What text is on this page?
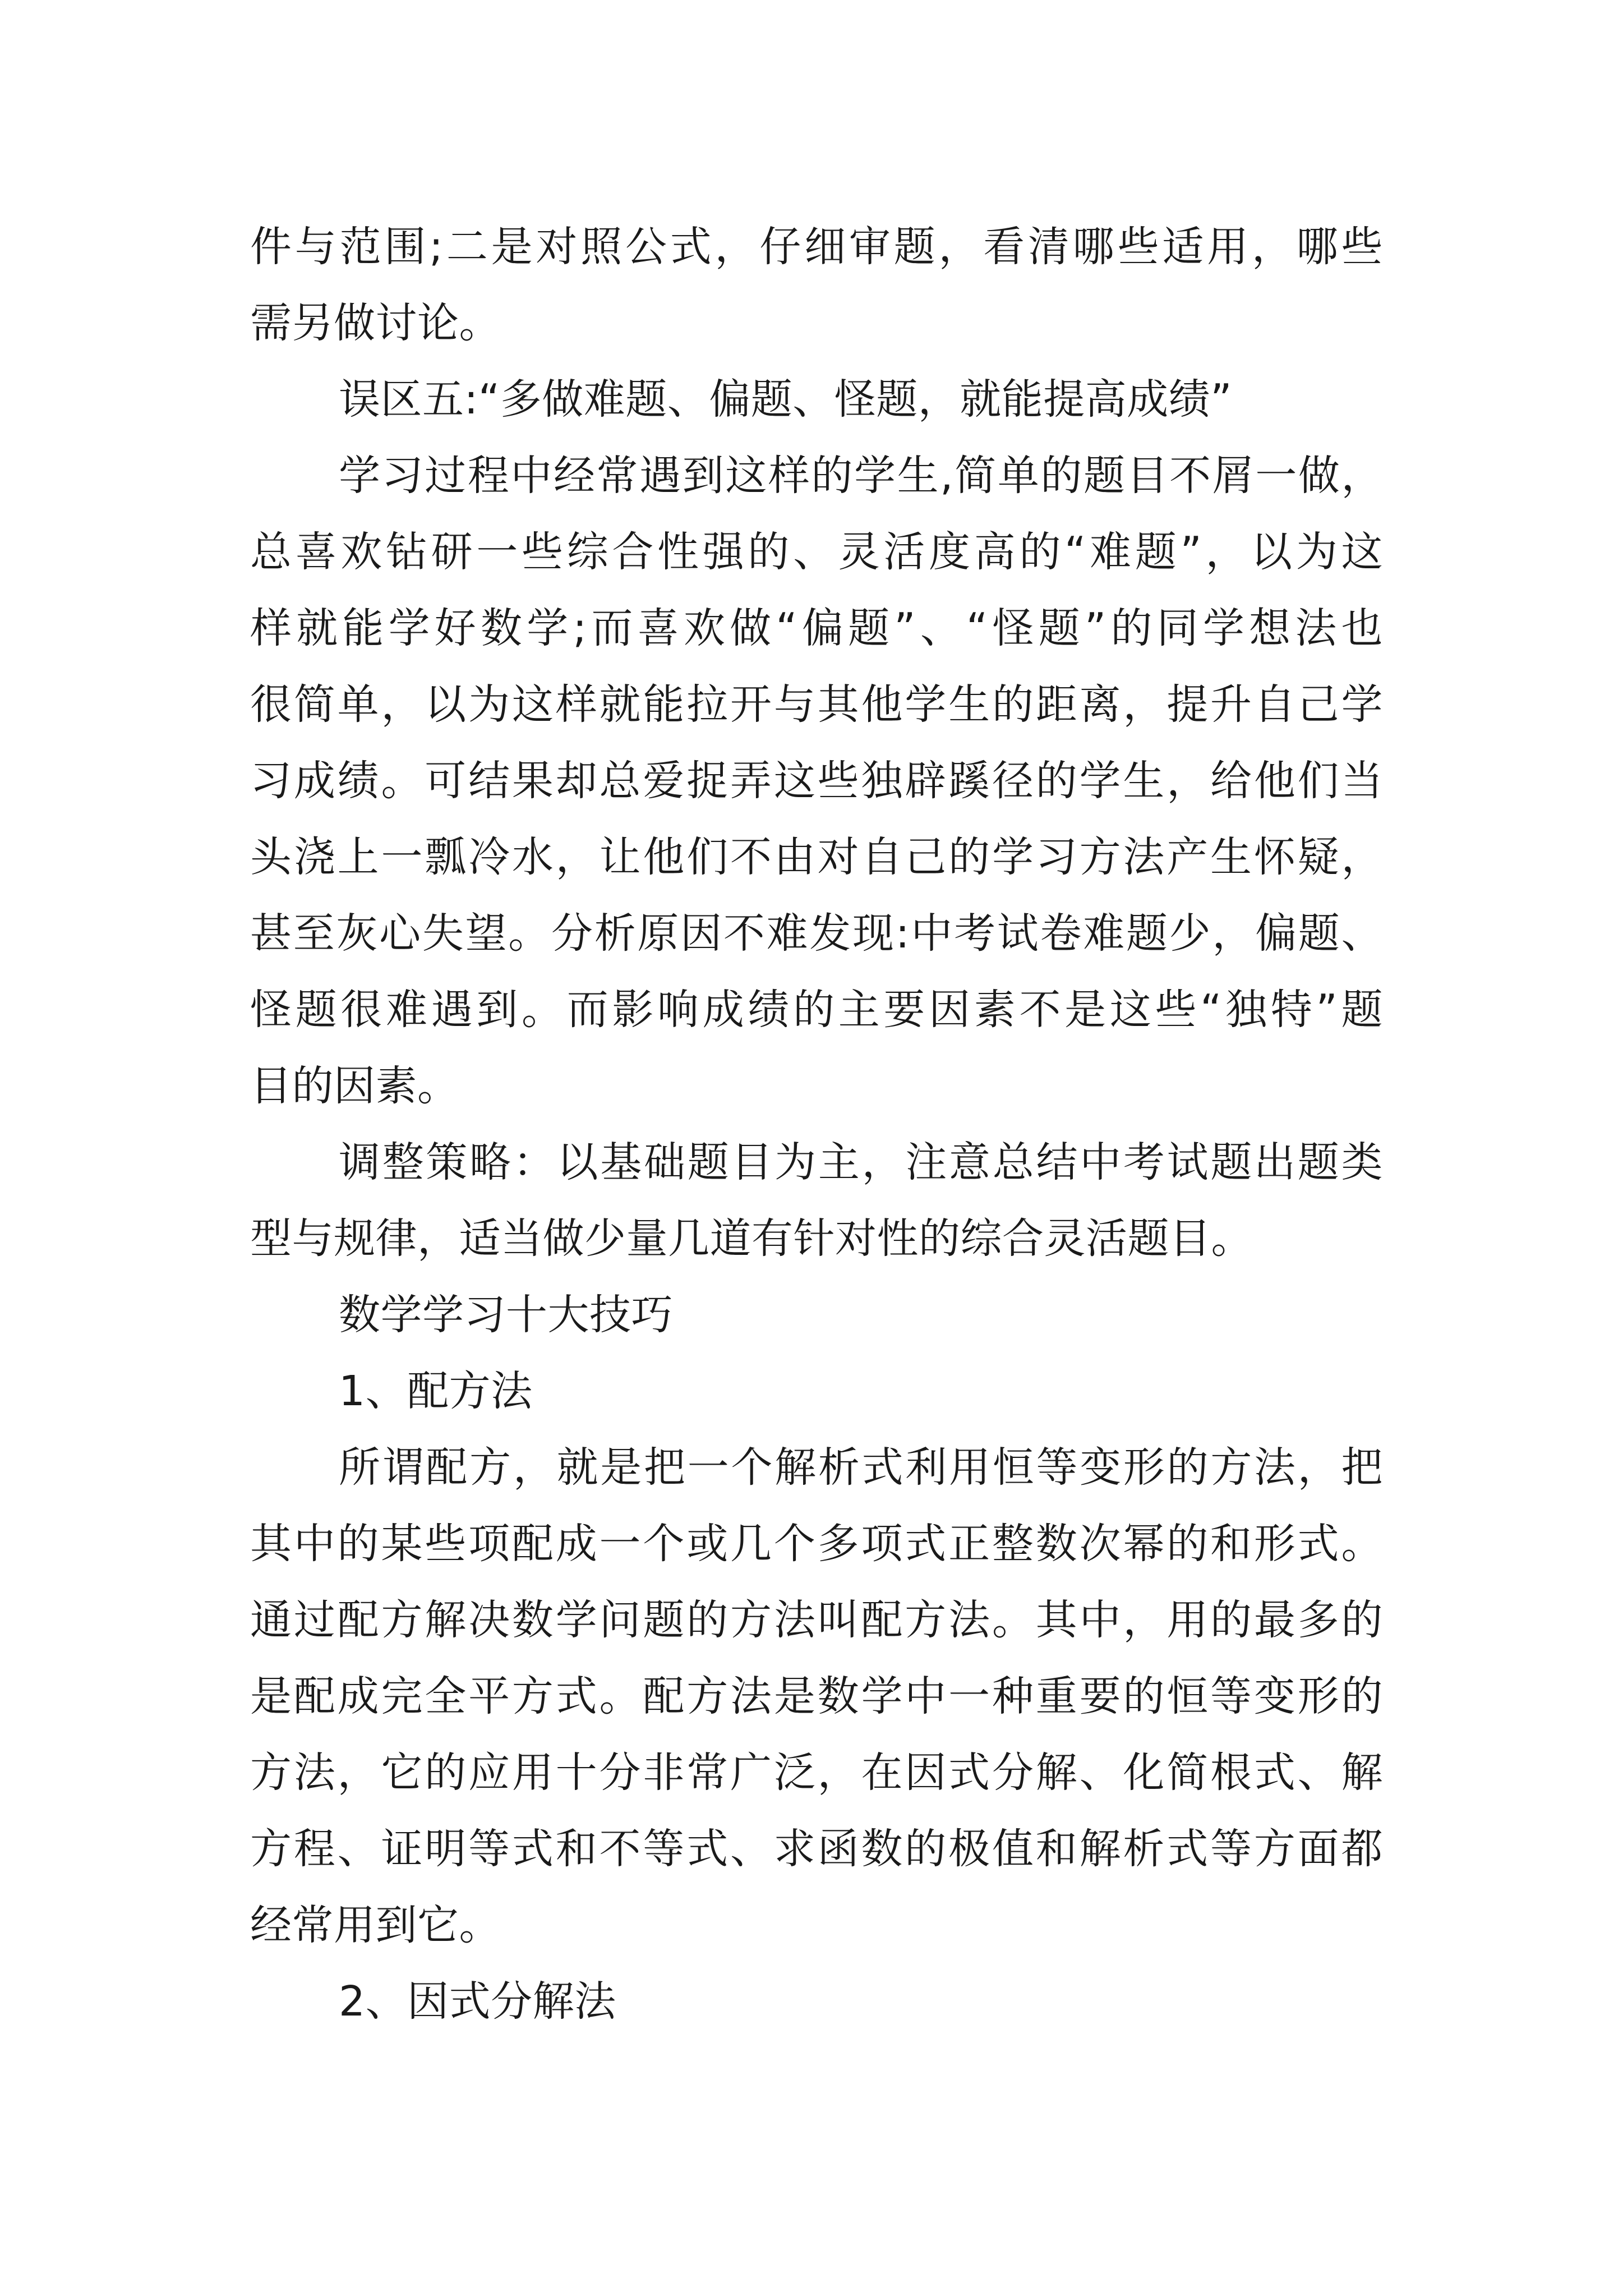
件与范围;二是对照公式，仔细审题，看清哪些适用，哪些
需另做讨论。
误区五:“多做难题、偏题、怪题，就能提高成绩”
学习过程中经常遇到这样的学生,简单的题目不屑一做，
总喜欢钻研一些综合性强的、灵活度高的“难题”，以为这
样就能学好数学;而喜欢做“偏题”、“怪题”的同学想法也
很简单，以为这样就能拉开与其他学生的距离，提升自己学
习成绩。可结果却总爱捉弄这些独辟蹊径的学生，给他们当
头浇上一瓢冷水，让他们不由对自己的学习方法产生怀疑，
甚至灰心失望。分析原因不难发现:中考试卷难题少，偏题、
怪题很难遇到。而影响成绩的主要因素不是这些“独特”题
目的因素。
调整策略：以基础题目为主，注意总结中考试题出题类
型与规律，适当做少量几道有针对性的综合灵活题目。
数学学习十大技巧
1、配方法
所谓配方，就是把一个解析式利用恒等变形的方法，把
其中的某些项配成一个或几个多项式正整数次幂的和形式。
通过配方解决数学问题的方法叫配方法。其中，用的最多的
是配成完全平方式。配方法是数学中一种重要的恒等变形的
方法，它的应用十分非常广泛，在因式分解、化简根式、解
方程、证明等式和不等式、求函数的极值和解析式等方面都
经常用到它。
2、因式分解法
